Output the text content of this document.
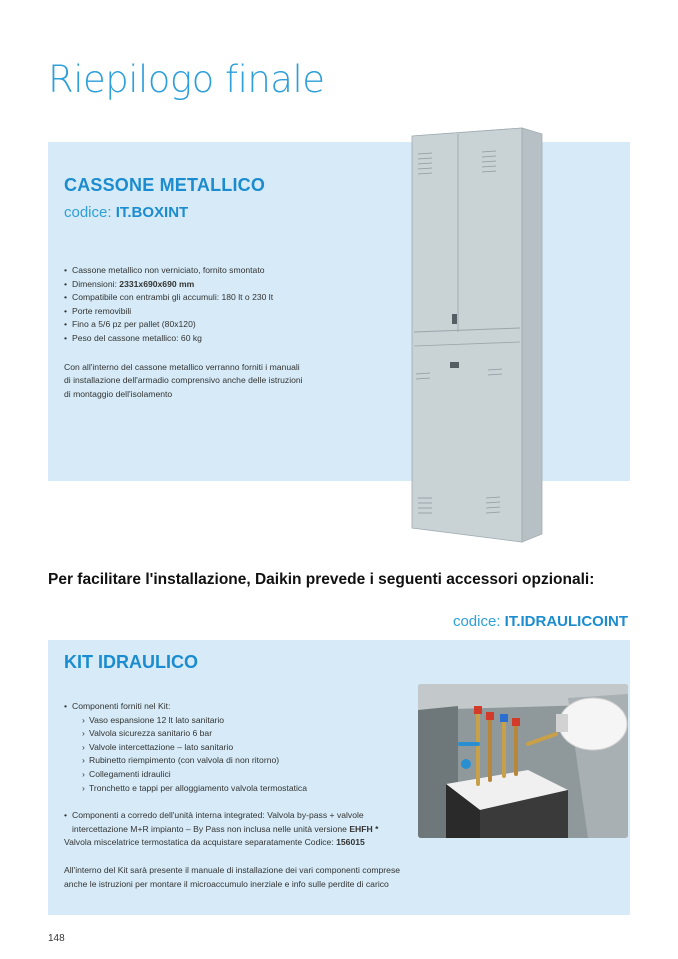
Riepilogo finale
CASSONE METALLICO
codice: IT.BOXINT
• Cassone metallico non verniciato, fornito smontato
• Dimensioni: 2331x690x690 mm
• Compatibile con entrambi gli accumuli: 180 lt o 230 lt
• Porte removibili
• Fino a 5/6 pz per pallet (80x120)
• Peso del cassone metallico: 60 kg

Con all'interno del cassone metallico verranno forniti i manuali di installazione dell'armadio comprensivo anche delle istruzioni di montaggio dell'isolamento

Per facilitare l'installazione, Daikin prevede i seguenti accessori opzionali:
codice: IT.IDRAULICOINT
KIT IDRAULICO
• Componenti forniti nel Kit:
› Vaso espansione 12 lt lato sanitario
› Valvola sicurezza sanitario 6 bar
› Valvole intercettazione – lato sanitario
› Rubinetto riempimento (con valvola di non ritorno)
› Collegamenti idraulici
› Tronchetto e tappi per alloggiamento valvola termostatica
• Componenti a corredo dell'unità interna integrated: Valvola by-pass + valvole
intercettazione M+R impianto – By Pass non inclusa nelle unità versione EHFH *
Valvola miscelatrice termostatica da acquistare separatamente Codice: 156015

All'interno del Kit sarà presente il manuale di installazione dei vari componenti comprese anche le istruzioni per montare il microaccumulo inerziale e info sulle perdite di carico

148
